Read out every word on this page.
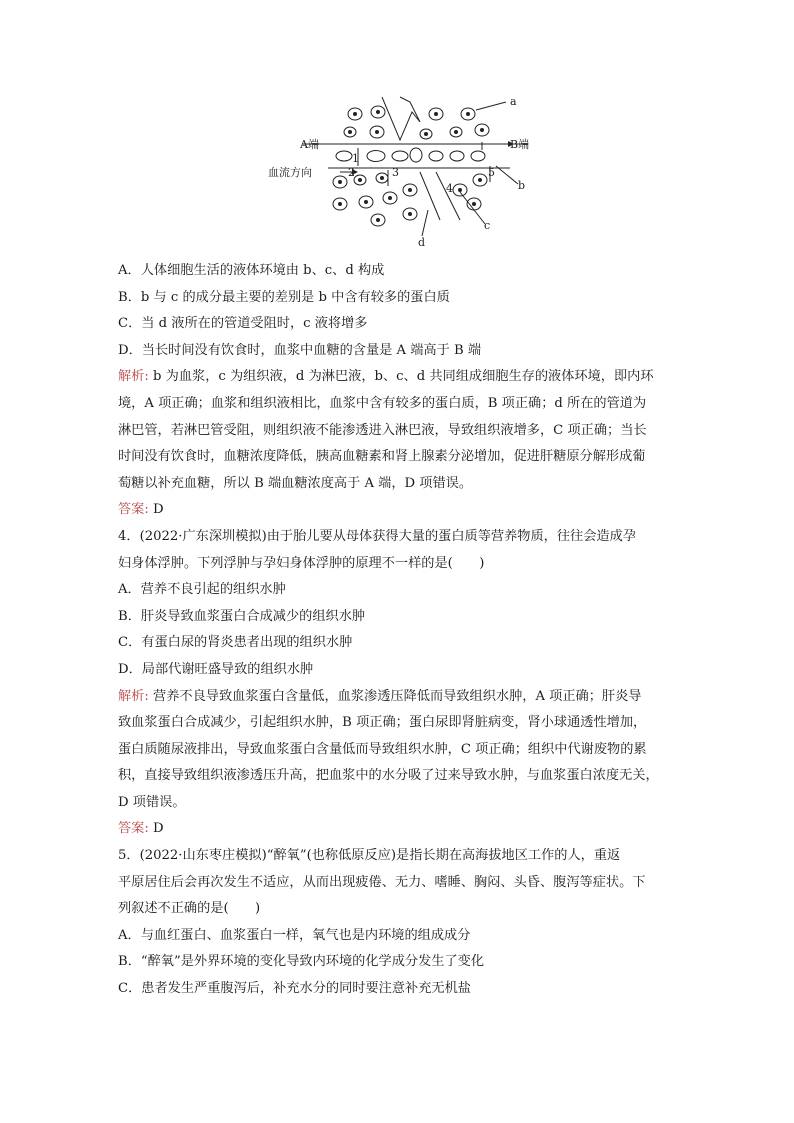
a
b
c
d
A端	B端
血流方向
1
2	3
4
5
A．人体细胞生活的液体环境由 b、c、d 构成
B．b 与 c 的成分最主要的差别是 b 中含有较多的蛋白质
C．当 d 液所在的管道受阻时，c 液将增多
D．当长时间没有饮食时，血浆中血糖的含量是 A 端高于 B 端
解析: b 为血浆，c 为组织液，d 为淋巴液，b、c、d 共同组成细胞生存的液体环境，即内环
境，A 项正确；血浆和组织液相比，血浆中含有较多的蛋白质，B 项正确；d 所在的管道为
淋巴管，若淋巴管受阻，则组织液不能渗透进入淋巴液，导致组织液增多，C 项正确；当长
时间没有饮食时，血糖浓度降低，胰高血糖素和肾上腺素分泌增加，促进肝糖原分解形成葡
萄糖以补充血糖，所以 B 端血糖浓度高于 A 端，D 项错误。
答案: D
4．(2022·广东深圳模拟)由于胎儿要从母体获得大量的蛋白质等营养物质，往往会造成孕
妇身体浮肿。下列浮肿与孕妇身体浮肿的原理不一样的是(　　)
A．营养不良引起的组织水肿
B．肝炎导致血浆蛋白合成减少的组织水肿
C．有蛋白尿的肾炎患者出现的组织水肿
D．局部代谢旺盛导致的组织水肿
解析: 营养不良导致血浆蛋白含量低，血浆渗透压降低而导致组织水肿，A 项正确；肝炎导
致血浆蛋白合成减少，引起组织水肿，B 项正确；蛋白尿即肾脏病变，肾小球通透性增加，
蛋白质随尿液排出，导致血浆蛋白含量低而导致组织水肿，C 项正确；组织中代谢废物的累
积，直接导致组织液渗透压升高，把血浆中的水分吸了过来导致水肿，与血浆蛋白浓度无关，
D 项错误。
答案: D
5．(2022·山东枣庄模拟)“醉氧”(也称低原反应)是指长期在高海拔地区工作的人，重返
平原居住后会再次发生不适应，从而出现疲倦、无力、嗜睡、胸闷、头昏、腹泻等症状。下
列叙述不正确的是(　　)
A．与血红蛋白、血浆蛋白一样，氧气也是内环境的组成成分
B．“醉氧”是外界环境的变化导致内环境的化学成分发生了变化
C．患者发生严重腹泻后，补充水分的同时要注意补充无机盐
